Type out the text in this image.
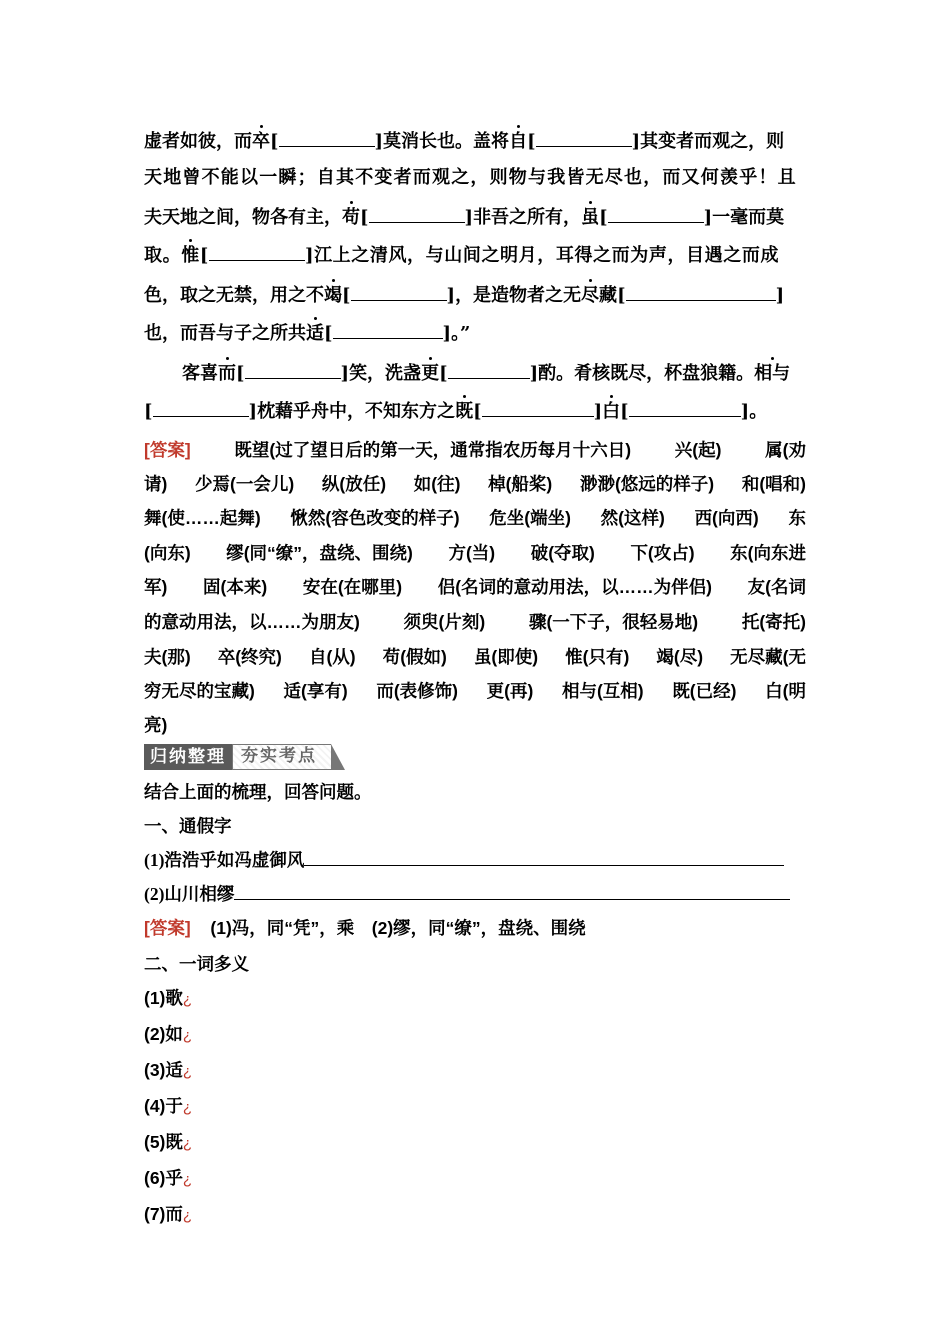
虚者如彼，而卒[	]莫消长也。盖将自[	]其变者而观之，则
天地曾不能以一瞬；自其不变者而观之，则物与我皆无尽也，而又何羡乎！且
夫天地之间，物各有主，苟[	]非吾之所有，虽[	]一毫而莫
取。惟[	]江上之清风，与山间之明月，耳得之而为声，目遇之而成
色，取之无禁，用之不竭[	]，是造物者之无尽藏[	]
也，而吾与子之所共适[	]。”
客喜而[	]笑，洗盏更[	]酌。肴核既尽，杯盘狼籍。相与
[	]枕藉乎舟中，不知东方之既[	]白[	]。
[答案] 既望(过了望日后的第一天，通常指农历每月十六日) 兴(起) 属(劝
请) 少焉(一会儿) 纵(放任) 如(往) 棹(船桨) 渺渺(悠远的样子) 和(唱和)
舞(使……起舞) 愀然(容色改变的样子) 危坐(端坐) 然(这样) 西(向西) 东
(向东) 缪(同“缭”，盘绕、围绕) 方(当) 破(夺取) 下(攻占) 东(向东进
军) 固(本来) 安在(在哪里) 侣(名词的意动用法，以……为伴侣) 友(名词
的意动用法，以……为朋友) 须臾(片刻) 骤(一下子，很轻易地) 托(寄托)
夫(那) 卒(终究) 自(从) 苟(假如) 虽(即使) 惟(只有) 竭(尽) 无尽藏(无
穷无尽的宝藏) 适(享有) 而(表修饰) 更(再) 相与(互相) 既(已经) 白(明
亮)
归纳整理 夯实考点
结合上面的梳理，回答问题。
一、通假字
(1)浩浩乎如冯虚御风
(2)山川相缪
[答案] (1)冯，同“凭”，乘　(2)缪，同“缭”，盘绕、围绕
二、一词多义
(1)歌¿
(2)如¿
(3)适¿
(4)于¿
(5)既¿
(6)乎¿
(7)而¿
